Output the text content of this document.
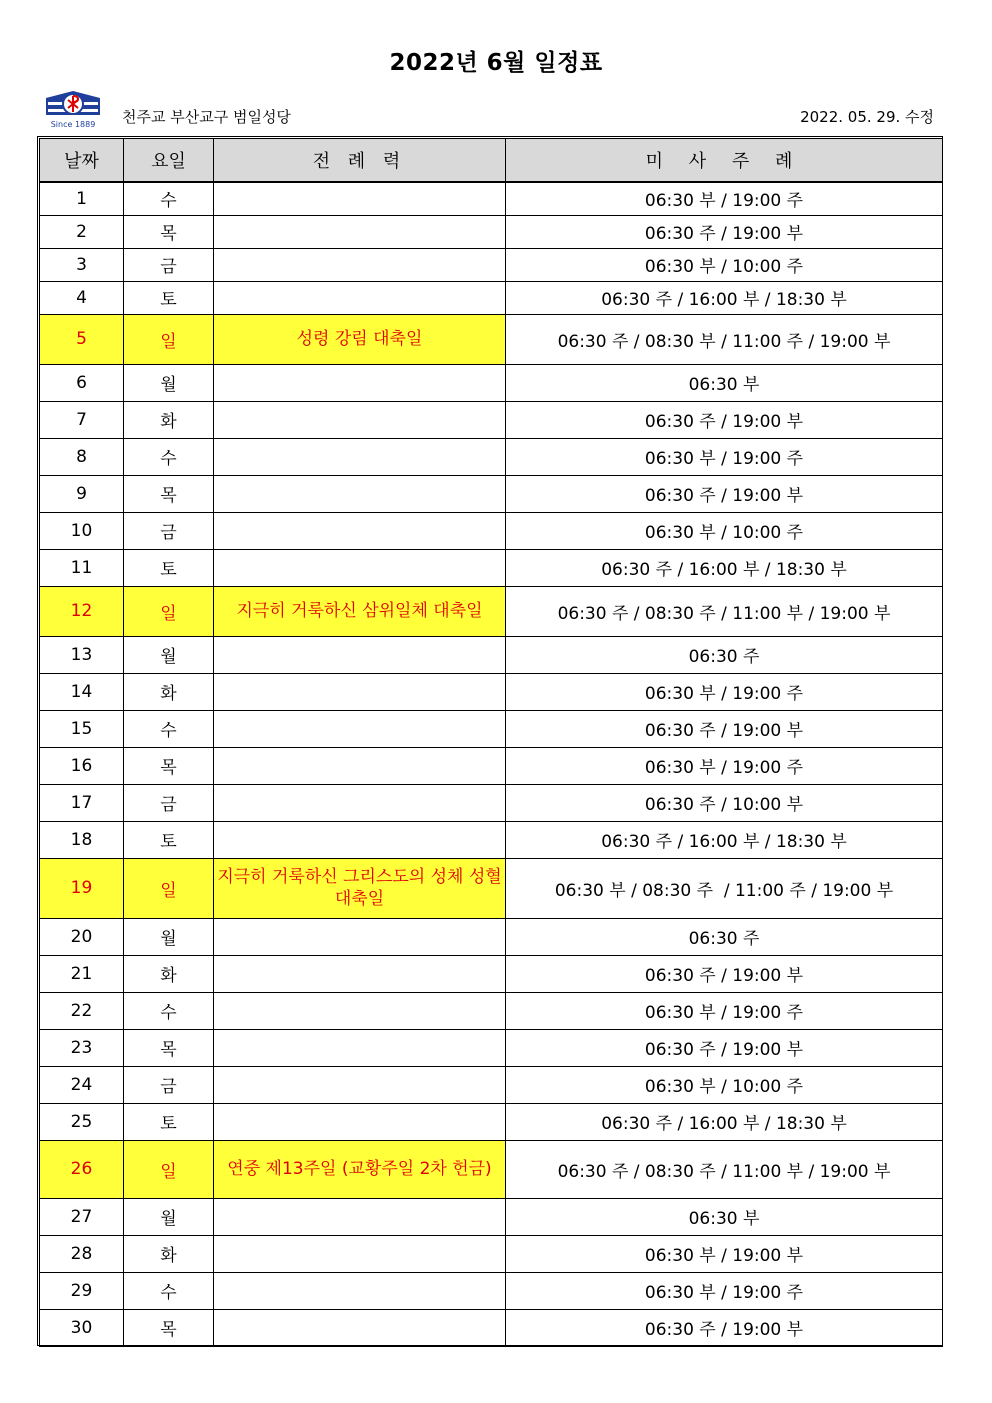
2022년 6월 일정표
Since 1889 천주교 부산교구 범일성당	2022. 05. 29. 수정
날짜	요일	전 례 력	미 사 주 례
1	수		06:30 부 / 19:00 주
2	목		06:30 주 / 19:00 부
3	금		06:30 부 / 10:00 주
4	토		06:30 주 / 16:00 부 / 18:30 부
5	일	성령 강림 대축일	06:30 주 / 08:30 부 / 11:00 주 / 19:00 부
6	월		06:30 부
7	화		06:30 주 / 19:00 부
8	수		06:30 부 / 19:00 주
9	목		06:30 주 / 19:00 부
10	금		06:30 부 / 10:00 주
11	토		06:30 주 / 16:00 부 / 18:30 부
12	일	지극히 거룩하신 삼위일체 대축일	06:30 주 / 08:30 주 / 11:00 부 / 19:00 부
13	월		06:30 주
14	화		06:30 부 / 19:00 주
15	수		06:30 주 / 19:00 부
16	목		06:30 부 / 19:00 주
17	금		06:30 주 / 10:00 부
18	토		06:30 주 / 16:00 부 / 18:30 부
19	일	지극히 거룩하신 그리스도의 성체 성혈 대축일	06:30 부 / 08:30 주  / 11:00 주 / 19:00 부
20	월		06:30 주
21	화		06:30 주 / 19:00 부
22	수		06:30 부 / 19:00 주
23	목		06:30 주 / 19:00 부
24	금		06:30 부 / 10:00 주
25	토		06:30 주 / 16:00 부 / 18:30 부
26	일	연중 제13주일 (교황주일 2차 헌금)	06:30 주 / 08:30 주 / 11:00 부 / 19:00 부
27	월		06:30 부
28	화		06:30 부 / 19:00 부
29	수		06:30 부 / 19:00 주
30	목		06:30 주 / 19:00 부
